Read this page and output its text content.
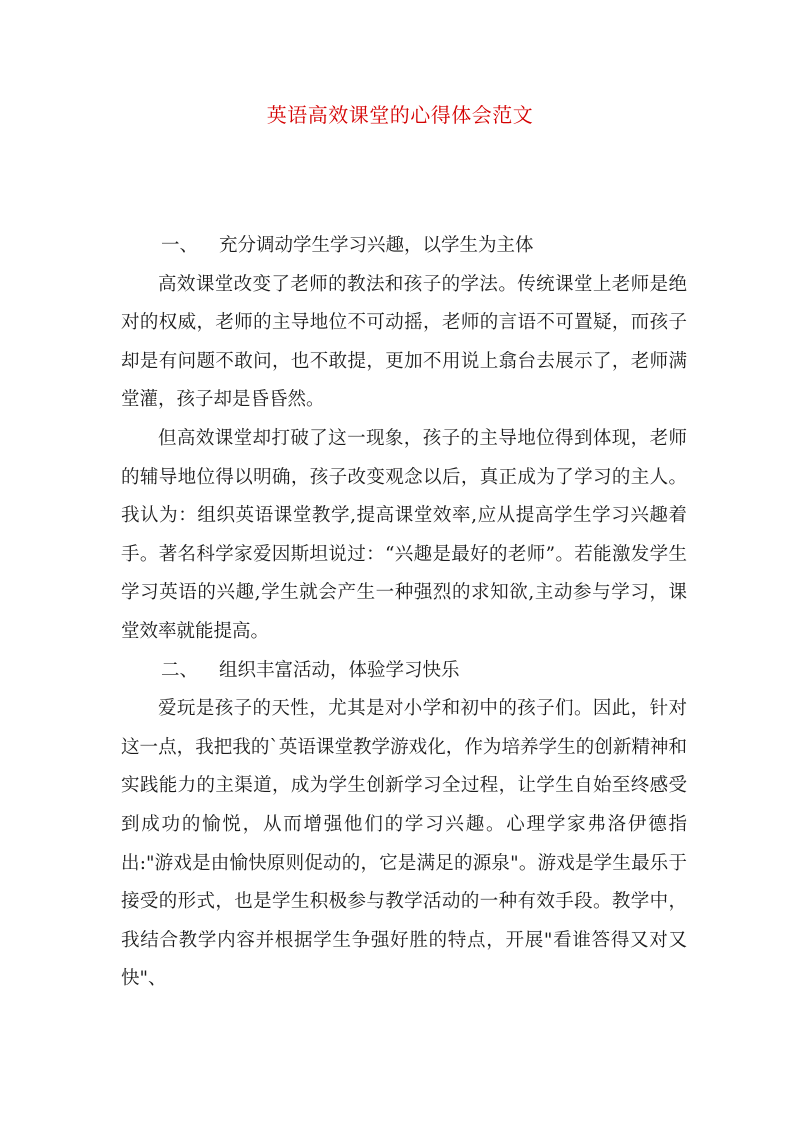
英语高效课堂的心得体会范文

一、 充分调动学生学习兴趣，以学生为主体

高效课堂改变了老师的教法和孩子的学法。传统课堂上老师是绝对的权威，老师的主导地位不可动摇，老师的言语不可置疑，而孩子却是有问题不敢问，也不敢提，更加不用说上翕台去展示了，老师满堂灌，孩子却是昏昏然。

但高效课堂却打破了这一现象，孩子的主导地位得到体现，老师的辅导地位得以明确，孩子改变观念以后，真正成为了学习的主人。我认为：组织英语课堂教学,提高课堂效率,应从提高学生学习兴趣着手。著名科学家爱因斯坦说过：“兴趣是最好的老师”。若能激发学生学习英语的兴趣,学生就会产生一种强烈的求知欲,主动参与学习，课堂效率就能提高。

二、 组织丰富活动，体验学习快乐

爱玩是孩子的天性，尤其是对小学和初中的孩子们。因此，针对这一点，我把我的`英语课堂教学游戏化，作为培养学生的创新精神和实践能力的主渠道，成为学生创新学习全过程，让学生自始至终感受到成功的愉悦，从而增强他们的学习兴趣。心理学家弗洛伊德指出:"游戏是由愉快原则促动的，它是满足的源泉"。游戏是学生最乐于接受的形式，也是学生积极参与教学活动的一种有效手段。教学中，我结合教学内容并根据学生争强好胜的特点，开展"看谁答得又对又快"、
